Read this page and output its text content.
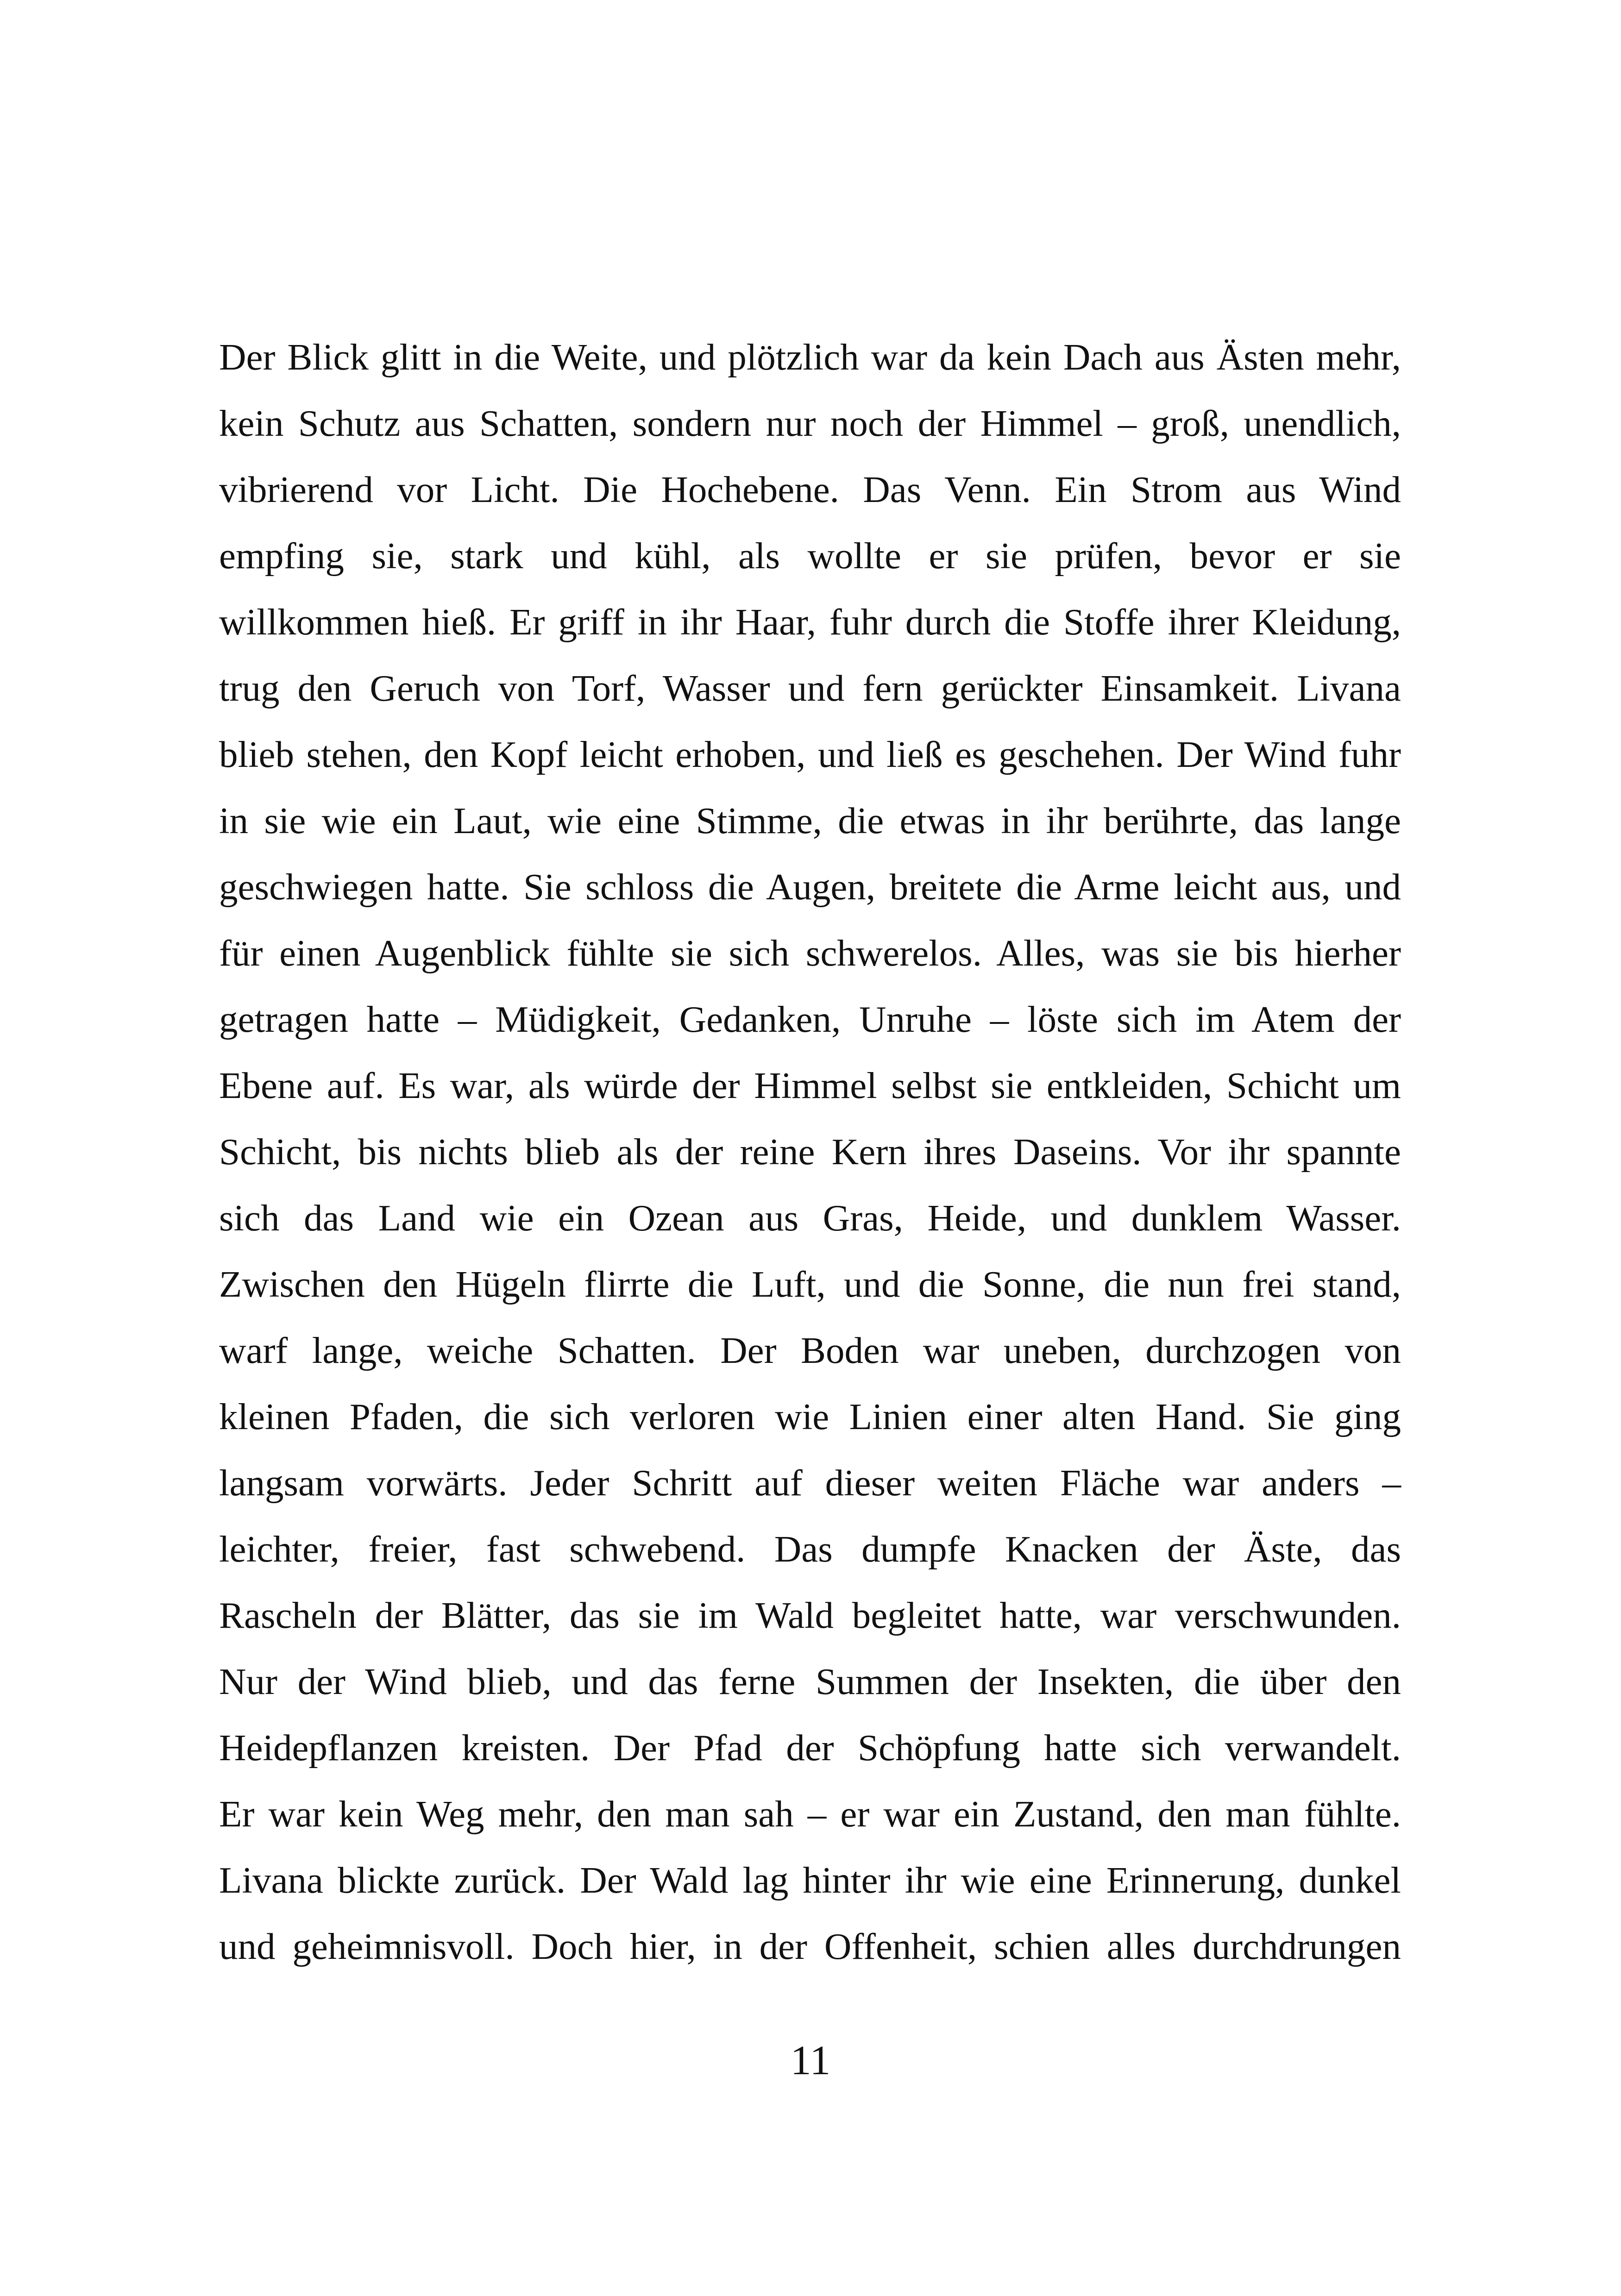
Der Blick glitt in die Weite, und plötzlich war da kein Dach aus Ästen mehr,
kein Schutz aus Schatten, sondern nur noch der Himmel – groß, unendlich,
vibrierend vor Licht. Die Hochebene. Das Venn. Ein Strom aus Wind
empfing sie, stark und kühl, als wollte er sie prüfen, bevor er sie
willkommen hieß. Er griff in ihr Haar, fuhr durch die Stoffe ihrer Kleidung,
trug den Geruch von Torf, Wasser und fern gerückter Einsamkeit. Livana
blieb stehen, den Kopf leicht erhoben, und ließ es geschehen. Der Wind fuhr
in sie wie ein Laut, wie eine Stimme, die etwas in ihr berührte, das lange
geschwiegen hatte. Sie schloss die Augen, breitete die Arme leicht aus, und
für einen Augenblick fühlte sie sich schwerelos. Alles, was sie bis hierher
getragen hatte – Müdigkeit, Gedanken, Unruhe – löste sich im Atem der
Ebene auf. Es war, als würde der Himmel selbst sie entkleiden, Schicht um
Schicht, bis nichts blieb als der reine Kern ihres Daseins. Vor ihr spannte
sich das Land wie ein Ozean aus Gras, Heide, und dunklem Wasser.
Zwischen den Hügeln flirrte die Luft, und die Sonne, die nun frei stand,
warf lange, weiche Schatten. Der Boden war uneben, durchzogen von
kleinen Pfaden, die sich verloren wie Linien einer alten Hand. Sie ging
langsam vorwärts. Jeder Schritt auf dieser weiten Fläche war anders –
leichter, freier, fast schwebend. Das dumpfe Knacken der Äste, das
Rascheln der Blätter, das sie im Wald begleitet hatte, war verschwunden.
Nur der Wind blieb, und das ferne Summen der Insekten, die über den
Heidepflanzen kreisten. Der Pfad der Schöpfung hatte sich verwandelt.
Er war kein Weg mehr, den man sah – er war ein Zustand, den man fühlte.
Livana blickte zurück. Der Wald lag hinter ihr wie eine Erinnerung, dunkel
und geheimnisvoll. Doch hier, in der Offenheit, schien alles durchdrungen
11
